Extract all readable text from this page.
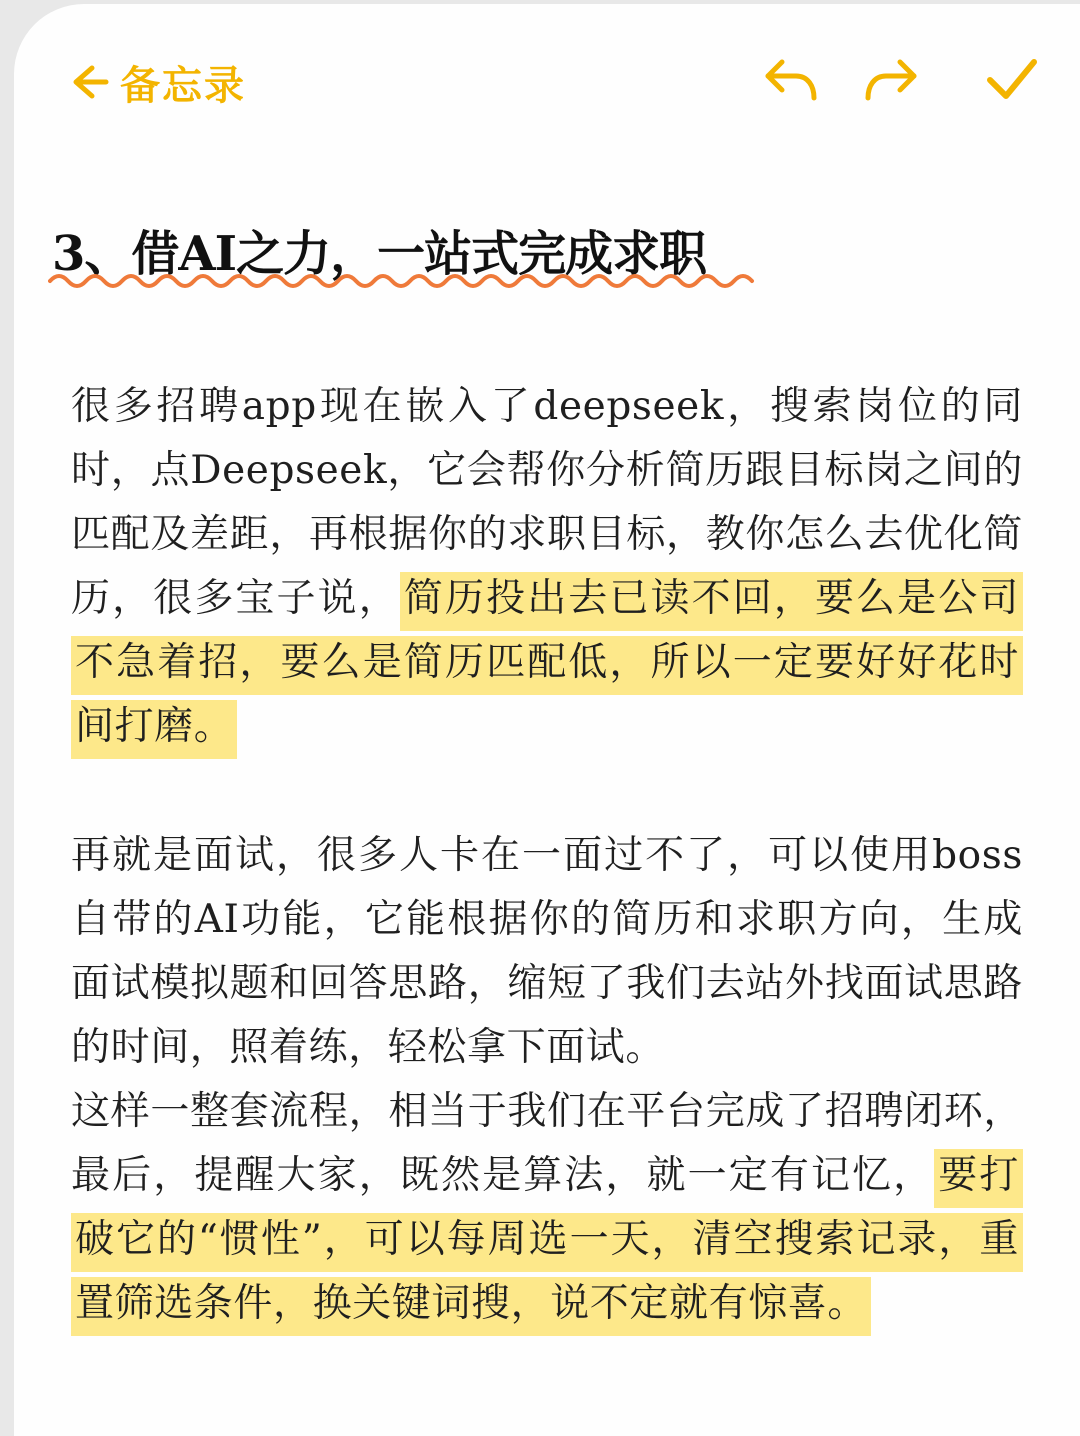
备忘录
3、借AI之力，一站式完成求职

很多招聘app现在嵌入了deepseek，搜索岗位的同时，点Deepseek，它会帮你分析简历跟目标岗之间的匹配及差距，再根据你的求职目标，教你怎么去优化简历，很多宝子说， 简历投出去已读不回，要么是公司不急着招，要么是简历匹配低，所以一定要好好花时间打磨。

再就是面试，很多人卡在一面过不了，可以使用boss自带的AI功能，它能根据你的简历和求职方向，生成面试模拟题和回答思路，缩短了我们去站外找面试思路的时间，照着练，轻松拿下面试。

这样一整套流程，相当于我们在平台完成了招聘闭环，最后，提醒大家，既然是算法，就一定有记忆， 要打破它的“惯性”，可以每周选一天，清空搜索记录，重置筛选条件，换关键词搜，说不定就有惊喜。
